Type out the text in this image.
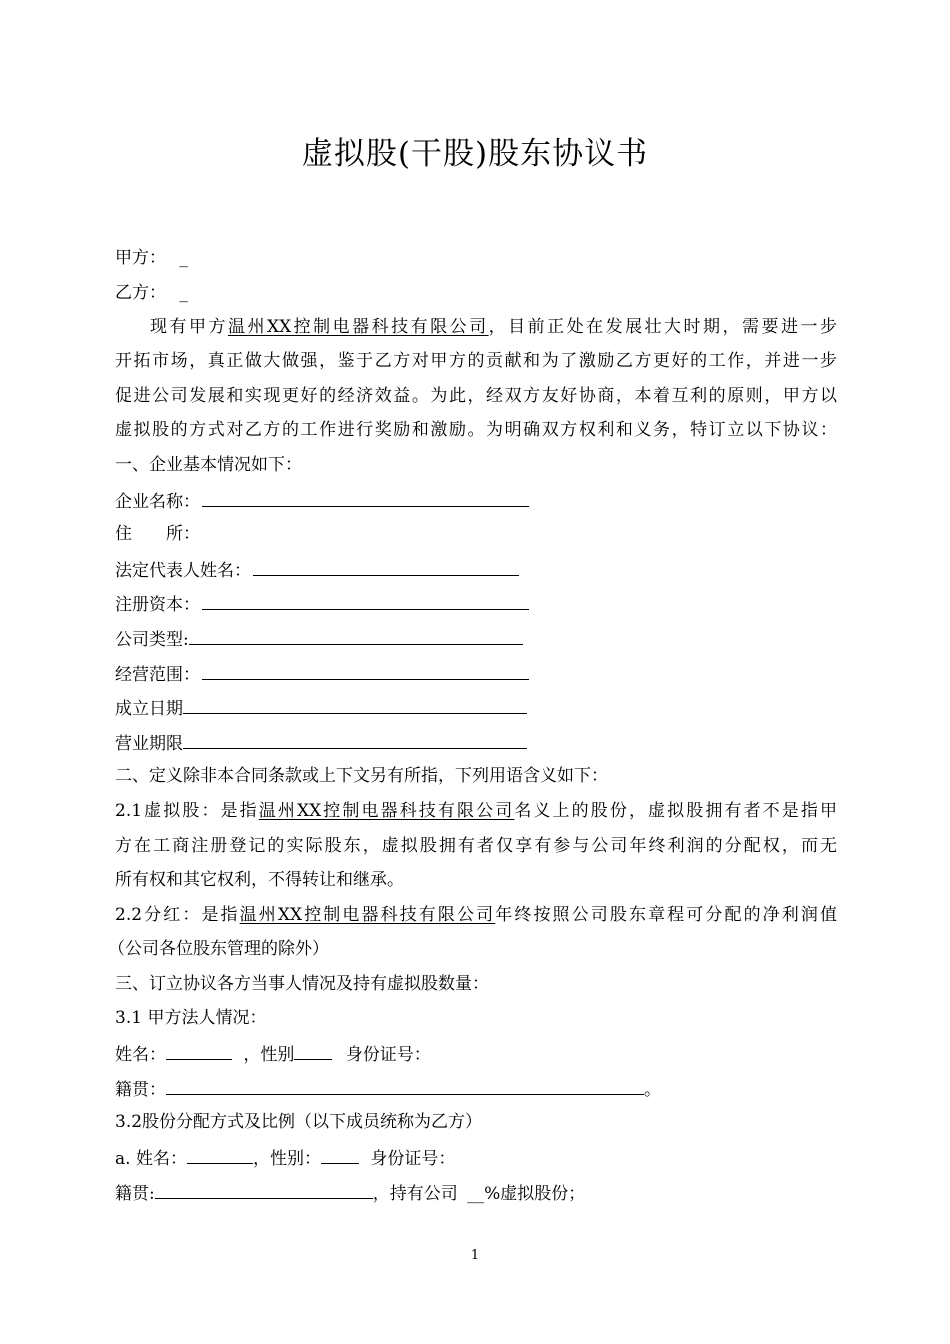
虚拟股(干股)股东协议书
甲方： _
乙方： _
现有甲方温州XX控制电器科技有限公司，目前正处在发展壮大时期，需要进一步
开拓市场，真正做大做强，鉴于乙方对甲方的贡献和为了激励乙方更好的工作，并进一步
促进公司发展和实现更好的经济效益。为此，经双方友好协商，本着互利的原则，甲方以
虚拟股的方式对乙方的工作进行奖励和激励。为明确双方权利和义务，特订立以下协议：
一、企业基本情况如下：
企业名称：
住　　所：
法定代表人姓名：
注册资本：
公司类型:
经营范围：
成立日期
营业期限
二、定义除非本合同条款或上下文另有所指，下列用语含义如下：
2.1虚拟股：是指温州XX控制电器科技有限公司名义上的股份，虚拟股拥有者不是指甲
方在工商注册登记的实际股东，虚拟股拥有者仅享有参与公司年终利润的分配权，而无
所有权和其它权利，不得转让和继承。
2.2分红：是指温州XX控制电器科技有限公司年终按照公司股东章程可分配的净利润值
（公司各位股东管理的除外）
三、订立协议各方当事人情况及持有虚拟股数量：
3.1 甲方法人情况：
姓名：	，性别	身份证号：
籍贯：	。
3.2股份分配方式及比例（以下成员统称为乙方）
a. 姓名：	，性别：	身份证号：
籍贯:	，持有公司 __%虚拟股份；
1
